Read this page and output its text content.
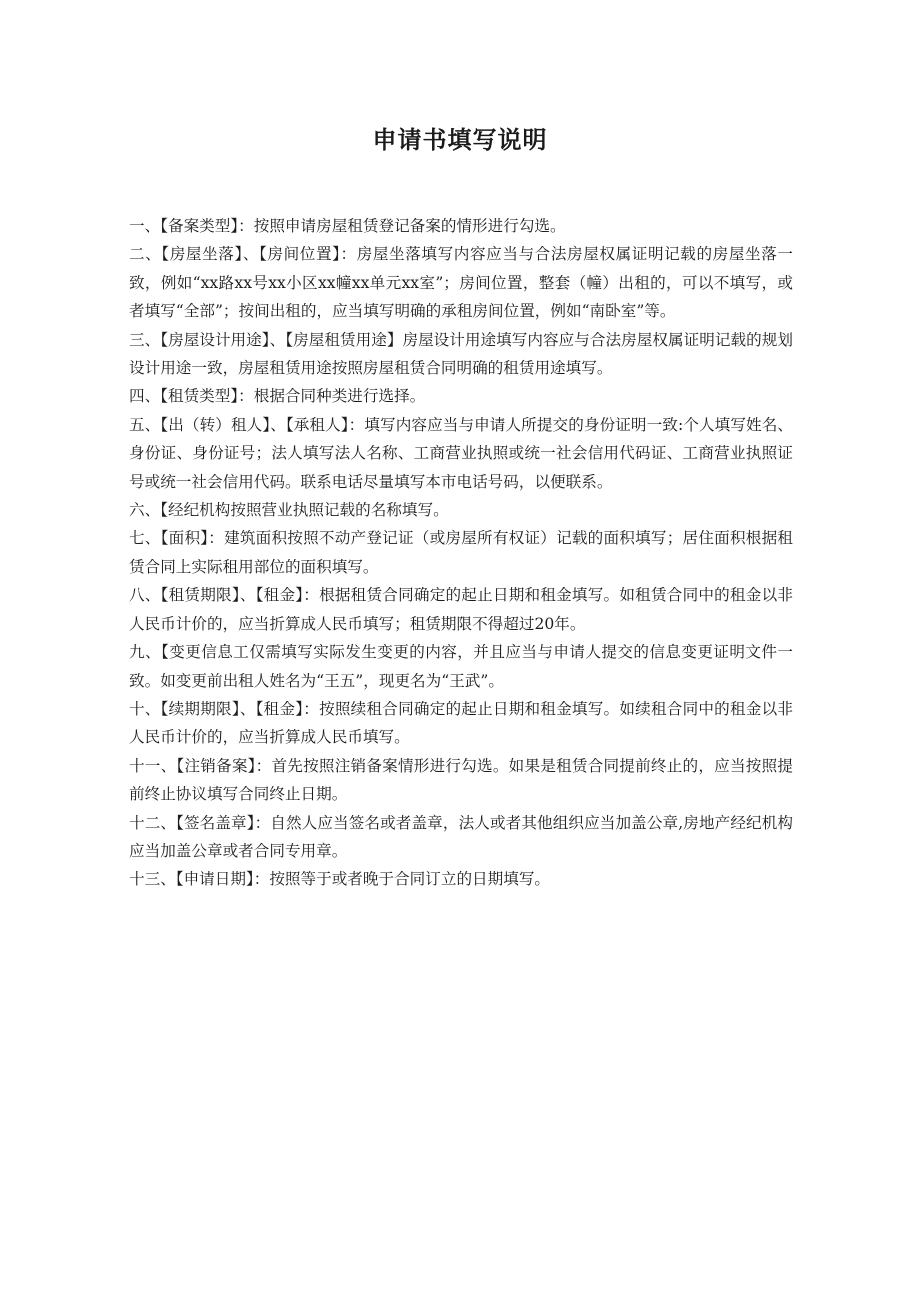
申请书填写说明

一、【备案类型】：按照申请房屋租赁登记备案的情形进行勾选。

二、【房屋坐落】、【房间位置】：房屋坐落填写内容应当与合法房屋权属证明记载的房屋坐落一致，例如“xx路xx号xx小区xx幢xx单元xx室”；房间位置，整套（幢）出租的，可以不填写，或者填写“全部”；按间出租的，应当填写明确的承租房间位置，例如“南卧室”等。

三、【房屋设计用途】、【房屋租赁用途】房屋设计用途填写内容应与合法房屋权属证明记载的规划设计用途一致，房屋租赁用途按照房屋租赁合同明确的租赁用途填写。

四、【租赁类型】：根据合同种类进行选择。

五、【出（转）租人】、【承租人】：填写内容应当与申请人所提交的身份证明一致:个人填写姓名、身份证、身份证号；法人填写法人名称、工商营业执照或统一社会信用代码证、工商营业执照证号或统一社会信用代码。联系电话尽量填写本市电话号码，以便联系。

六、【经纪机构按照营业执照记载的名称填写。

七、【面积】：建筑面积按照不动产登记证（或房屋所有权证）记载的面积填写；居住面积根据租赁合同上实际租用部位的面积填写。

八、【租赁期限】、【租金】：根据租赁合同确定的起止日期和租金填写。如租赁合同中的租金以非人民币计价的，应当折算成人民币填写；租赁期限不得超过20年。

九、【变更信息工仅需填写实际发生变更的内容，并且应当与申请人提交的信息变更证明文件一致。如变更前出租人姓名为“王五”，现更名为“王武”。

十、【续期期限】、【租金】：按照续租合同确定的起止日期和租金填写。如续租合同中的租金以非人民币计价的，应当折算成人民币填写。

十一、【注销备案】：首先按照注销备案情形进行勾选。如果是租赁合同提前终止的，应当按照提前终止协议填写合同终止日期。

十二、【签名盖章】：自然人应当签名或者盖章，法人或者其他组织应当加盖公章,房地产经纪机构应当加盖公章或者合同专用章。

十三、【申请日期】：按照等于或者晚于合同订立的日期填写。
